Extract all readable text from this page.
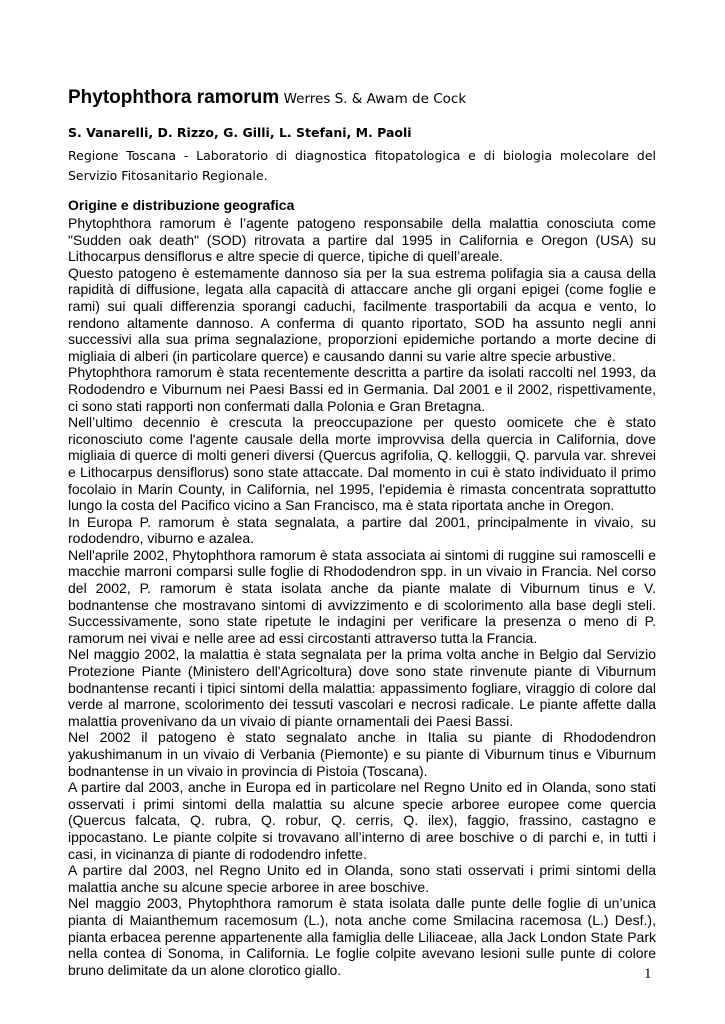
Phytophthora ramorum Werres S. & Awam de Cock

S. Vanarelli, D. Rizzo, G. Gilli, L. Stefani, M. Paoli

Regione Toscana - Laboratorio di diagnostica fitopatologica e di biologia molecolare del Servizio Fitosanitario Regionale.

Origine e distribuzione geografica

Phytophthora ramorum è l’agente patogeno responsabile della malattia conosciuta come "Sudden oak death" (SOD) ritrovata a partire dal 1995 in California e Oregon (USA) su Lithocarpus densiflorus e altre specie di querce, tipiche di quell’areale.

Questo patogeno è estemamente dannoso sia per la sua estrema polifagia sia a causa della rapidità di diffusione, legata alla capacità di attaccare anche gli organi epigei (come foglie e rami) sui quali differenzia sporangi caduchi, facilmente trasportabili da acqua e vento, lo rendono altamente dannoso. A conferma di quanto riportato, SOD ha assunto negli anni successivi alla sua prima segnalazione, proporzioni epidemiche portando a morte decine di migliaia di alberi (in particolare querce) e causando danni su varie altre specie arbustive.

Phytophthora ramorum è stata recentemente descritta a partire da isolati raccolti nel 1993, da Rododendro e Viburnum nei Paesi Bassi ed in Germania. Dal 2001 e il 2002, rispettivamente, ci sono stati rapporti non confermati dalla Polonia e Gran Bretagna.

Nell’ultimo decennio è crescuta la preoccupazione per questo oomicete che è stato riconosciuto come l'agente causale della morte improvvisa della quercia in California, dove migliaia di querce di molti generi diversi (Quercus agrifolia, Q. kelloggii, Q. parvula var. shrevei e Lithocarpus densiflorus) sono state attaccate. Dal momento in cui è stato individuato il primo focolaio in Marin County, in California, nel 1995, l'epidemia è rimasta concentrata soprattutto lungo la costa del Pacifico vicino a San Francisco, ma è stata riportata anche in Oregon.

In Europa P. ramorum è stata segnalata, a partire dal 2001, principalmente in vivaio, su rododendro, viburno e azalea.

Nell'aprile 2002, Phytophthora ramorum è stata associata ai sintomi di ruggine sui ramoscelli e macchie marroni comparsi sulle foglie di Rhododendron spp. in un vivaio in Francia. Nel corso del 2002, P. ramorum è stata isolata anche da piante malate di Viburnum tinus e V. bodnantense che mostravano sintomi di avvizzimento e di scolorimento alla base degli steli. Successivamente, sono state ripetute le indagini per verificare la presenza o meno di P. ramorum nei vivai e nelle aree ad essi circostanti attraverso tutta la Francia.

Nel maggio 2002, la malattia è stata segnalata per la prima volta anche in Belgio dal Servizio Protezione Piante (Ministero dell'Agricoltura) dove sono state rinvenute piante di Viburnum bodnantense recanti i tipici sintomi della malattia: appassimento fogliare, viraggio di colore dal verde al marrone, scolorimento dei tessuti vascolari e necrosi radicale. Le piante affette dalla malattia provenivano da un vivaio di piante ornamentali dei Paesi Bassi.

Nel 2002 il patogeno è stato segnalato anche in Italia su piante di Rhododendron yakushimanum in un vivaio di Verbania (Piemonte) e su piante di Viburnum tinus e Viburnum bodnantense in un vivaio in provincia di Pistoia (Toscana).

A partire dal 2003, anche in Europa ed in particolare nel Regno Unito ed in Olanda, sono stati osservati i primi sintomi della malattia su alcune specie arboree europee come quercia (Quercus falcata, Q. rubra, Q. robur, Q. cerris, Q. ilex), faggio, frassino, castagno e ippocastano. Le piante colpite si trovavano all’interno di aree boschive o di parchi e, in tutti i casi, in vicinanza di piante di rododendro infette.

A partire dal 2003, nel Regno Unito ed in Olanda, sono stati osservati i primi sintomi della malattia anche su alcune specie arboree in aree boschive.

Nel maggio 2003, Phytophthora ramorum è stata isolata dalle punte delle foglie di un’unica pianta di Maianthemum racemosum (L.), nota anche come Smilacina racemosa (L.) Desf.), pianta erbacea perenne appartenente alla famiglia delle Liliaceae, alla Jack London State Park nella contea di Sonoma, in California. Le foglie colpite avevano lesioni sulle punte di colore bruno delimitate da un alone clorotico giallo.	1
